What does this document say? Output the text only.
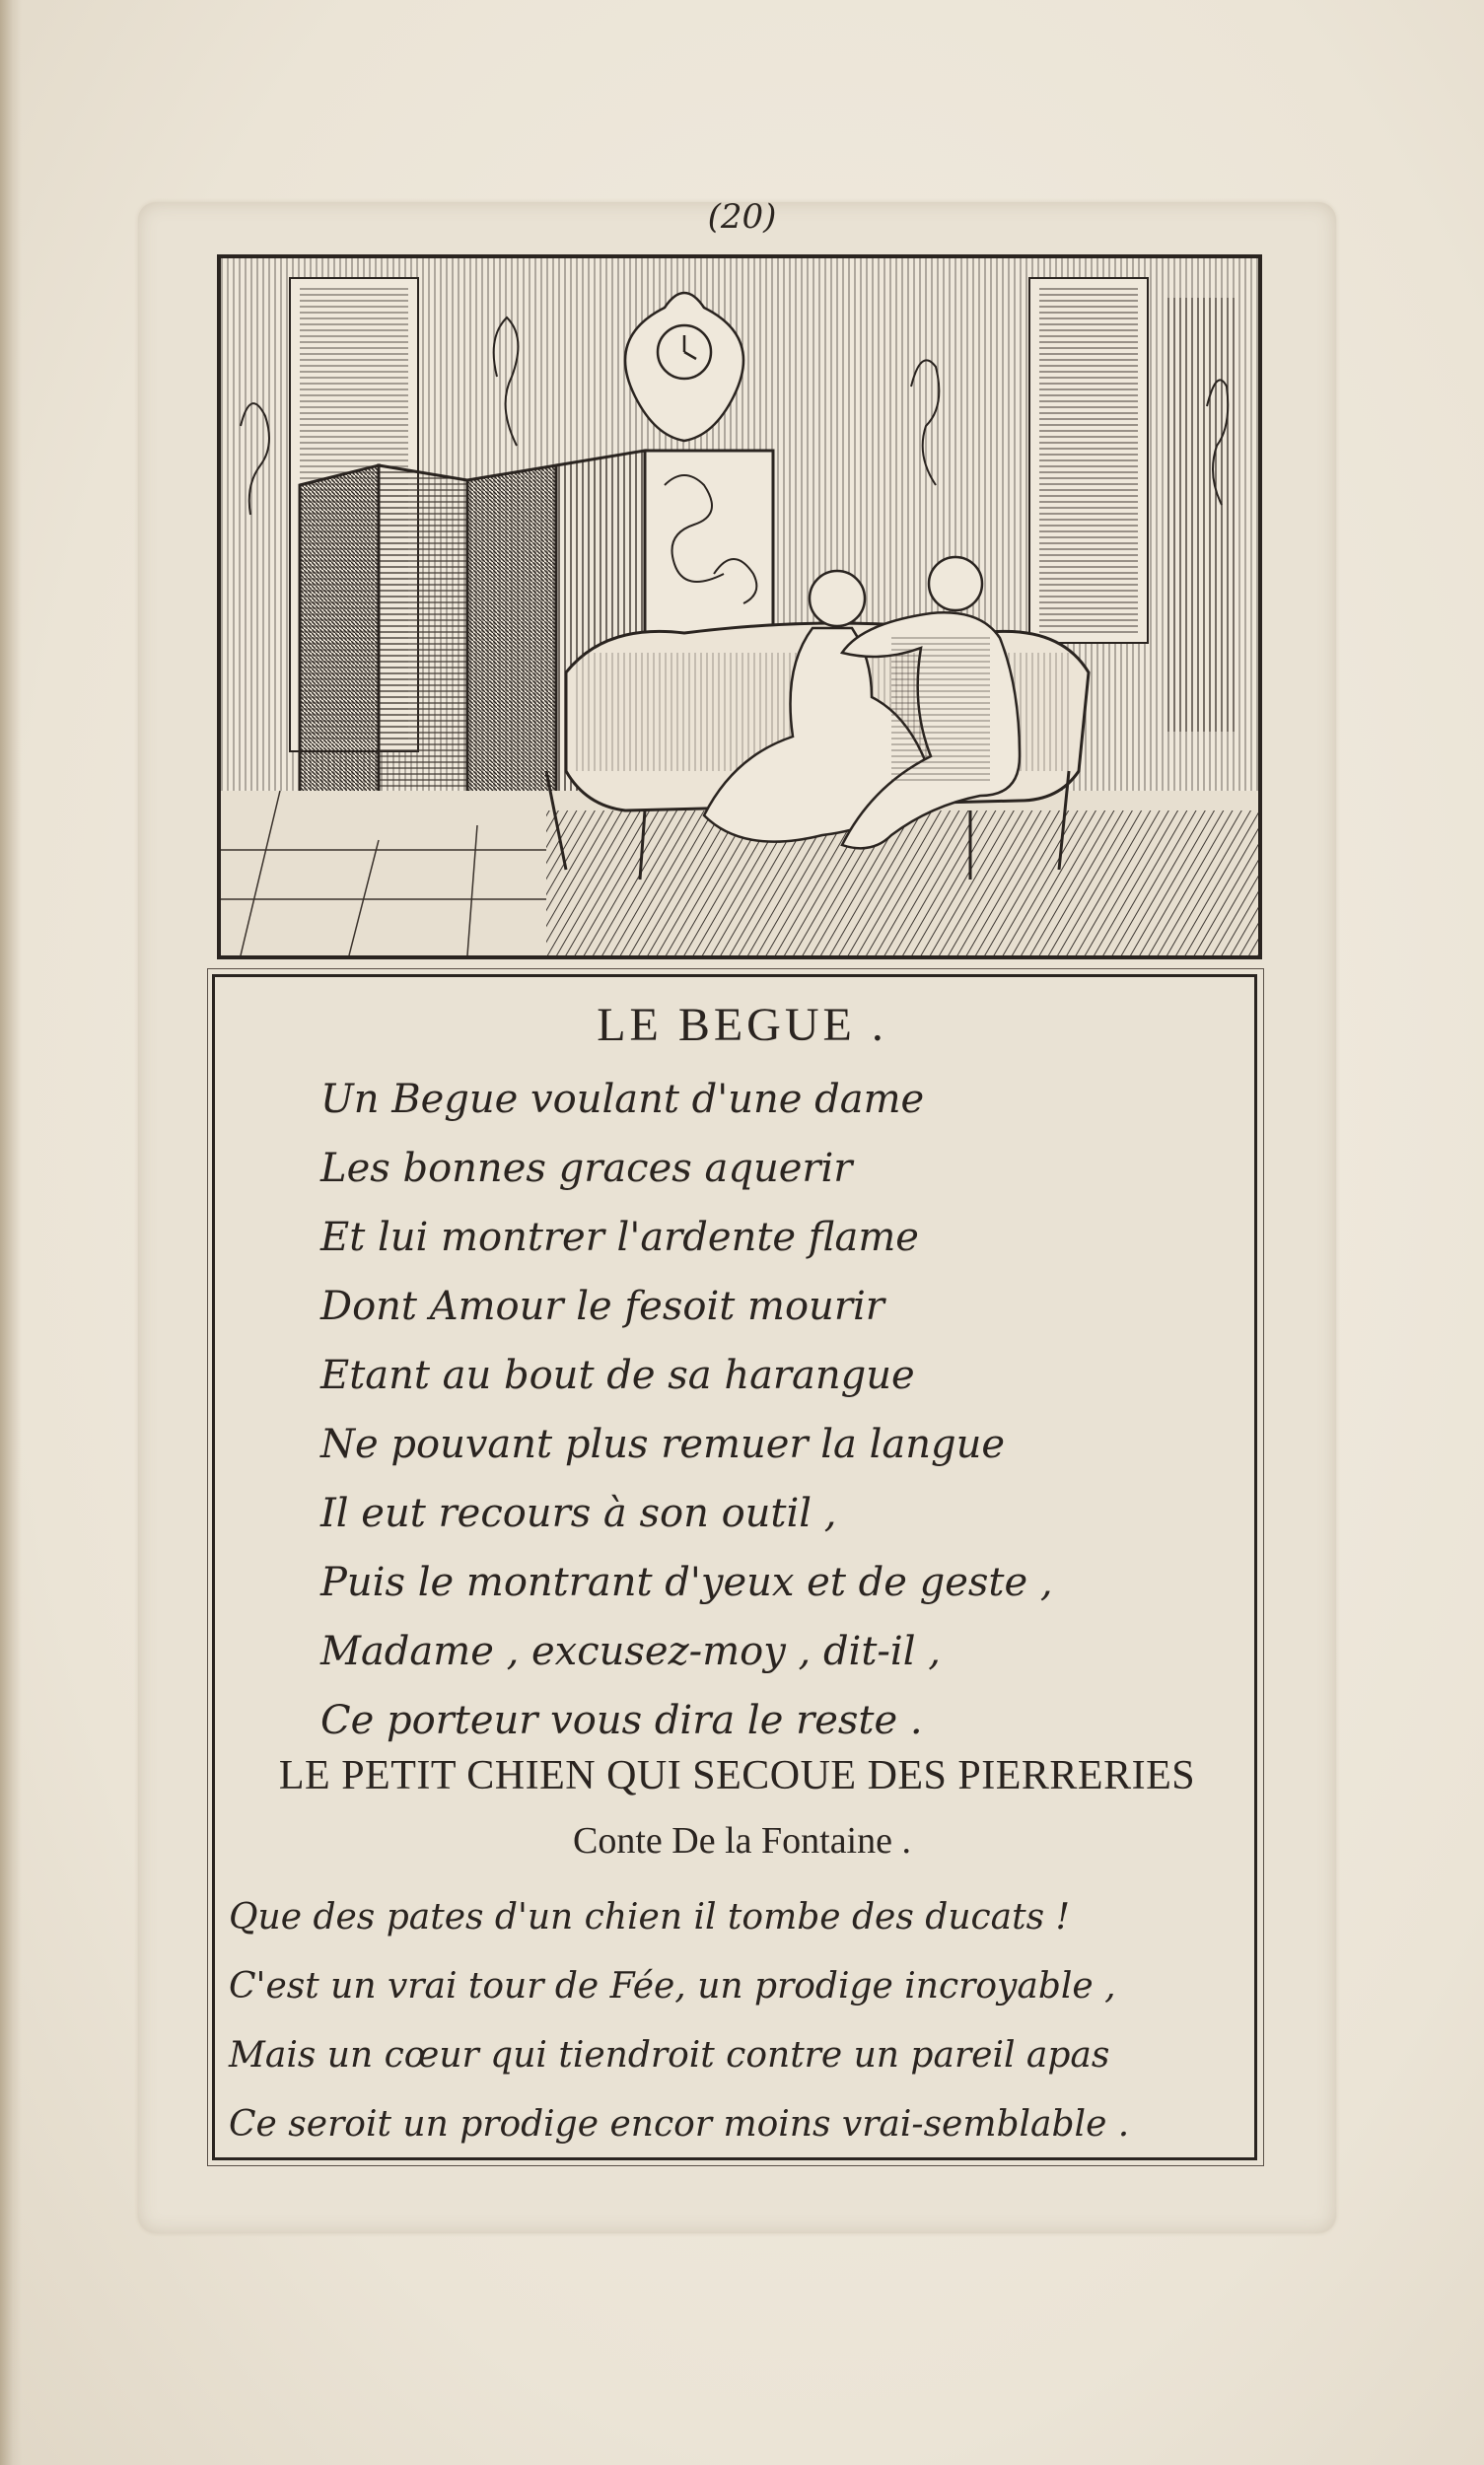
(20)
LE BEGUE .
Un Begue voulant d'une dame
Les bonnes graces aquerir
Et lui montrer l'ardente flame
Dont Amour le fesoit mourir
Etant au bout de sa harangue
Ne pouvant plus remuer la langue
Il eut recours à son outil ,
Puis le montrant d'yeux et de geste ,
Madame , excusez-moy , dit-il ,
Ce porteur vous dira le reste .
LE PETIT CHIEN QUI SECOUE DES PIERRERIES
Conte De la Fontaine .
Que des pates d'un chien il tombe des ducats !
C'est un vrai tour de Fée, un prodige incroyable ,
Mais un cœur qui tiendroit contre un pareil apas
Ce seroit un prodige encor moins vrai-semblable .
